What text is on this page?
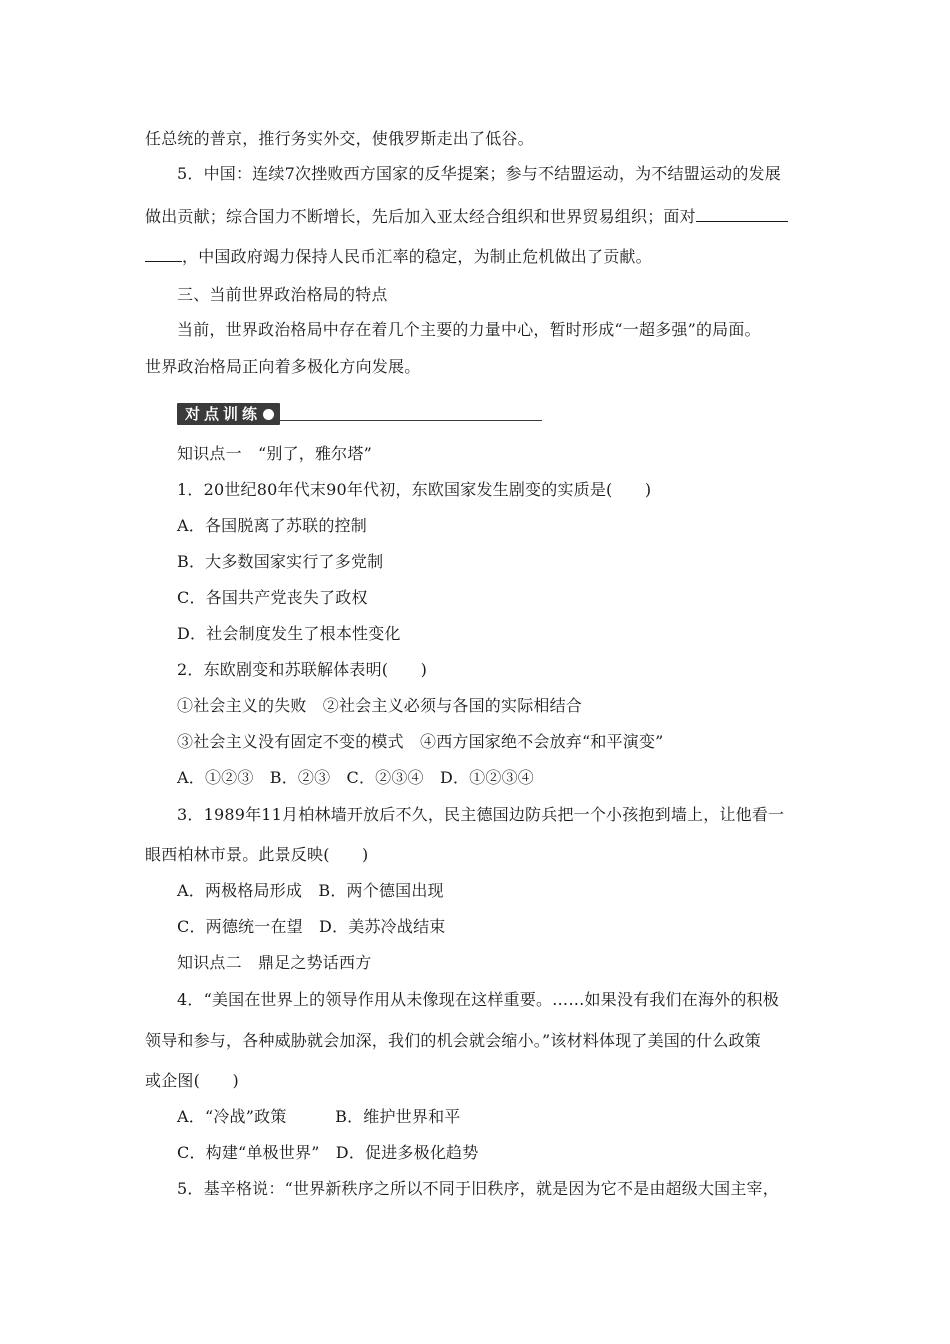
任总统的普京，推行务实外交，使俄罗斯走出了低谷。
5．中国：连续7次挫败西方国家的反华提案；参与不结盟运动，为不结盟运动的发展
做出贡献；综合国力不断增长，先后加入亚太经合组织和世界贸易组织；面对
，中国政府竭力保持人民币汇率的稳定，为制止危机做出了贡献。
三、当前世界政治格局的特点
当前，世界政治格局中存在着几个主要的力量中心，暂时形成“一超多强”的局面。
世界政治格局正向着多极化方向发展。
对点训练
知识点一　“别了，雅尔塔”
1．20世纪80年代末90年代初，东欧国家发生剧变的实质是(　　)
A．各国脱离了苏联的控制
B．大多数国家实行了多党制
C．各国共产党丧失了政权
D．社会制度发生了根本性变化
2．东欧剧变和苏联解体表明(　　)
①社会主义的失败　②社会主义必须与各国的实际相结合
③社会主义没有固定不变的模式　④西方国家绝不会放弃“和平演变”
A．①②③　B．②③　C．②③④　D．①②③④
3．1989年11月柏林墙开放后不久，民主德国边防兵把一个小孩抱到墙上，让他看一
眼西柏林市景。此景反映(　　)
A．两极格局形成　B．两个德国出现
C．两德统一在望　D．美苏冷战结束
知识点二　鼎足之势话西方
4．“美国在世界上的领导作用从未像现在这样重要。……如果没有我们在海外的积极
领导和参与，各种威胁就会加深，我们的机会就会缩小。”该材料体现了美国的什么政策
或企图(　　)
A．“冷战”政策　　　B．维护世界和平
C．构建“单极世界”　D．促进多极化趋势
5．基辛格说：“世界新秩序之所以不同于旧秩序，就是因为它不是由超级大国主宰，
